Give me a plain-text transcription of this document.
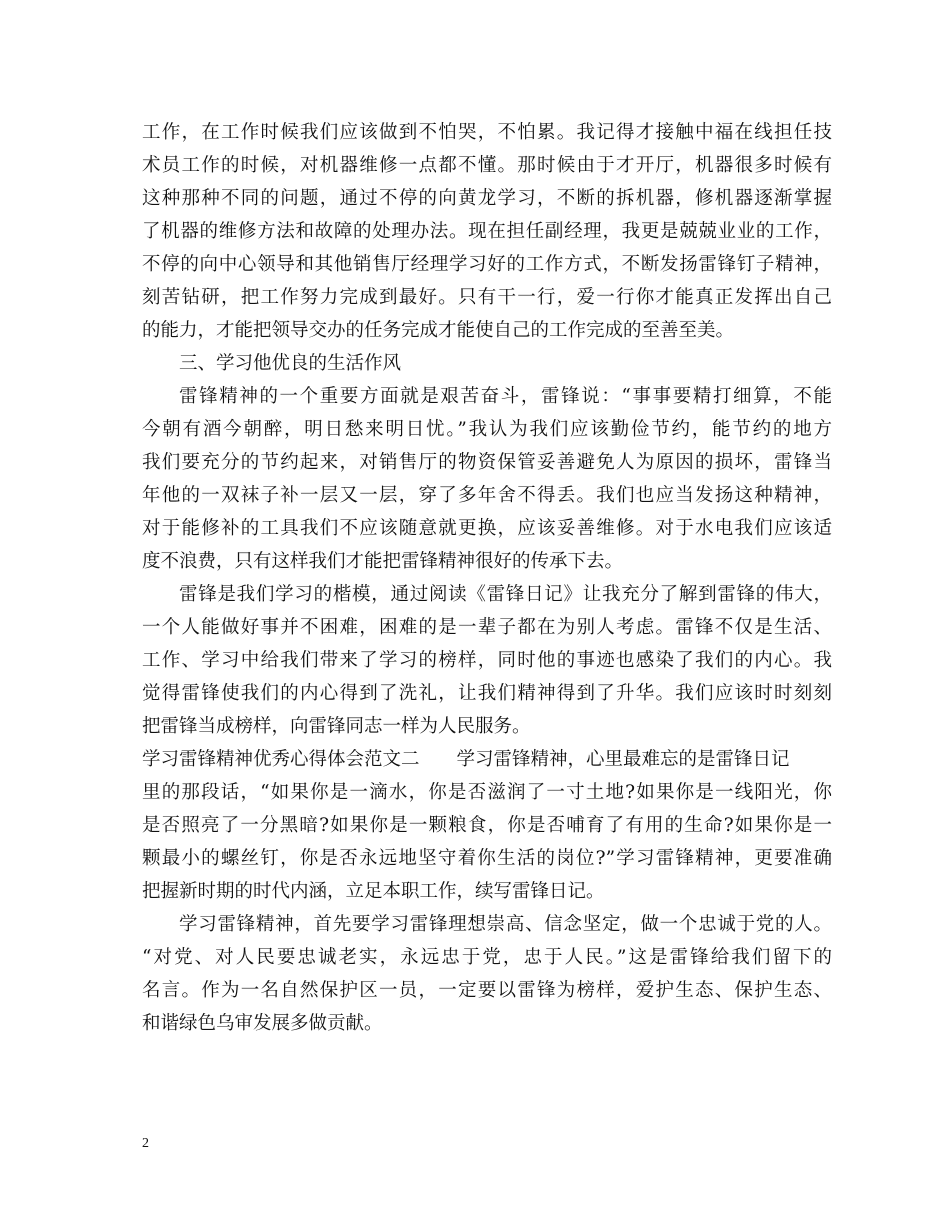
工作，在工作时候我们应该做到不怕哭，不怕累。我记得才接触中福在线担任技
术员工作的时候，对机器维修一点都不懂。那时候由于才开厅，机器很多时候有
这种那种不同的问题，通过不停的向黄龙学习，不断的拆机器，修机器逐渐掌握
了机器的维修方法和故障的处理办法。现在担任副经理，我更是兢兢业业的工作，
不停的向中心领导和其他销售厅经理学习好的工作方式，不断发扬雷锋钉子精神，
刻苦钻研，把工作努力完成到最好。只有干一行，爱一行你才能真正发挥出自己
的能力，才能把领导交办的任务完成才能使自己的工作完成的至善至美。
三、学习他优良的生活作风
雷锋精神的一个重要方面就是艰苦奋斗，雷锋说：“事事要精打细算，不能
今朝有酒今朝醉，明日愁来明日忧。”我认为我们应该勤俭节约，能节约的地方
我们要充分的节约起来，对销售厅的物资保管妥善避免人为原因的损坏，雷锋当
年他的一双袜子补一层又一层，穿了多年舍不得丢。我们也应当发扬这种精神，
对于能修补的工具我们不应该随意就更换，应该妥善维修。对于水电我们应该适
度不浪费，只有这样我们才能把雷锋精神很好的传承下去。
雷锋是我们学习的楷模，通过阅读《雷锋日记》让我充分了解到雷锋的伟大，
一个人能做好事并不困难，困难的是一辈子都在为别人考虑。雷锋不仅是生活、
工作、学习中给我们带来了学习的榜样，同时他的事迹也感染了我们的内心。我
觉得雷锋使我们的内心得到了洗礼，让我们精神得到了升华。我们应该时时刻刻
把雷锋当成榜样，向雷锋同志一样为人民服务。
学习雷锋精神优秀心得体会范文二　　学习雷锋精神，心里最难忘的是雷锋日记
里的那段话，“如果你是一滴水，你是否滋润了一寸土地?如果你是一线阳光，你
是否照亮了一分黑暗?如果你是一颗粮食，你是否哺育了有用的生命?如果你是一
颗最小的螺丝钉，你是否永远地坚守着你生活的岗位?”学习雷锋精神，更要准确
把握新时期的时代内涵，立足本职工作，续写雷锋日记。
学习雷锋精神，首先要学习雷锋理想崇高、信念坚定，做一个忠诚于党的人。
“对党、对人民要忠诚老实，永远忠于党，忠于人民。”这是雷锋给我们留下的
名言。作为一名自然保护区一员，一定要以雷锋为榜样，爱护生态、保护生态、
和谐绿色乌审发展多做贡献。
2
